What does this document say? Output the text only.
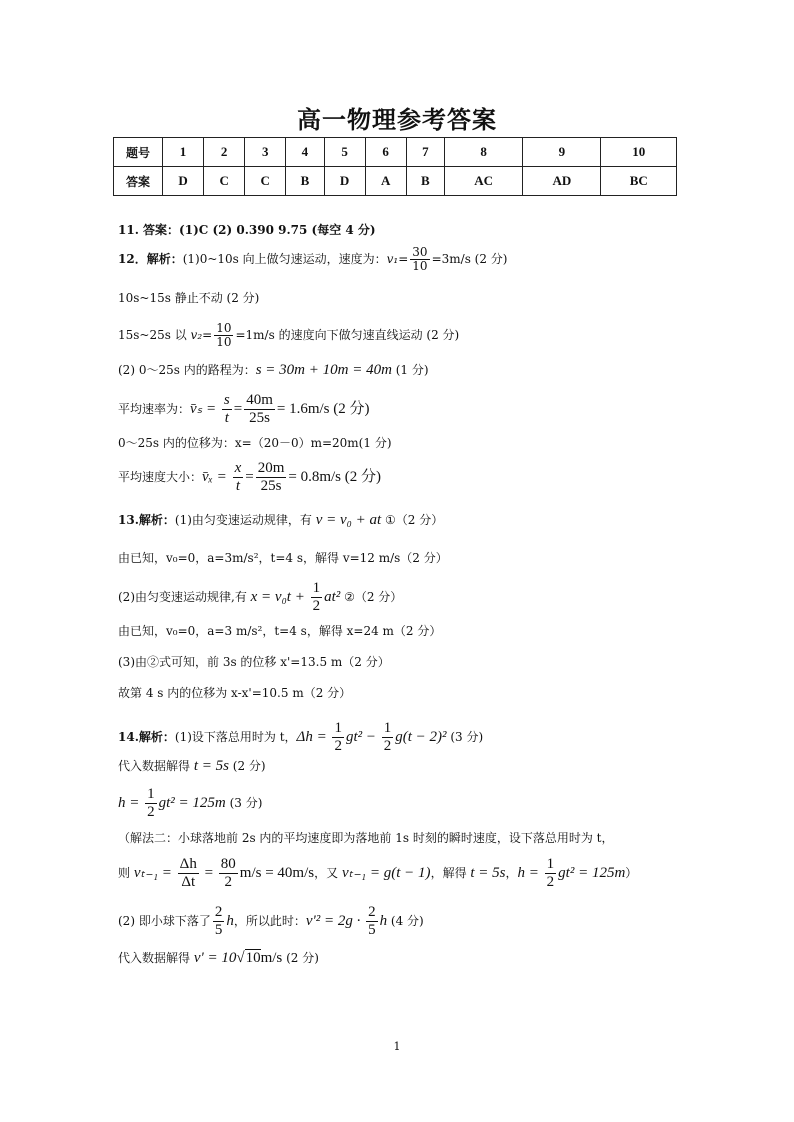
高一物理参考答案
题号	1	2	3	4	5	6	7	8	9	10
答案	D	C	C	B	D	A	B	AC	AD	BC
11. 答案：(1)C (2) 0.390 9.75 (每空 4 分)
12．解析：(1)0~10s 向上做匀速运动，速度为：$v_1= \frac{30}{10} =3m/s$ (2 分)
10s~15s 静止不动 (2 分)
15s~25s 以 $v_2= \frac{10}{10} =1m/s$ 的速度向下做匀速直线运动 (2 分)
(2) 0～25s 内的路程为：s = 30m + 10m = 40m (1 分)
平均速率为：v̄ₛ = $\frac{s}{t} = \frac{40m}{25s} = 1.6m/s$ (2 分)
0～25s 内的位移为：x=（20－0）m=20m(1 分)
平均速度大小：v̄ₓ = $\frac{x}{t} = \frac{20m}{25s} = 0.8m/s$ (2 分)
13.解析：(1)由匀变速运动规律，有 v = v₀ + at ①（2 分）
由已知，v₀=0，a=3m/s²，t=4 s，解得 v=12 m/s（2 分）
(2)由匀变速运动规律,有 $x = v_0t + \frac{1}{2} at^2$ ②（2 分）
由已知，v₀=0，a=3 m/s²，t=4 s，解得 x=24 m（2 分）
(3)由②式可知，前 3s 的位移 x'=13.5 m（2 分）
故第 4 s 内的位移为 x-x'=10.5 m（2 分）
14.解析：(1)设下落总用时为 t，$\Delta h = \frac{1}{2} gt^2 - \frac{1}{2} g(t - 2)^2$ (3 分)
代入数据解得 t = 5s (2 分)
$h = \frac{1}{2} gt^2 = 125m$ (3 分)
（解法二：小球落地前 2s 内的平均速度即为落地前 1s 时刻的瞬时速度，设下落总用时为 t，
则 $v_{t-1} = \frac{\Delta h}{\Delta t} = \frac{80}{2} m/s = 40m/s$，又 vₜ₋₁ = g(t − 1)，解得 t = 5s，$h = \frac{1}{2} gt^2 = 125m$）
(2) 即小球下落了 $\frac{2}{5}$ h，所以此时：$v'^2 = 2g \cdot \frac{2}{5}$ h (4 分)
代入数据解得 v' = 10√10m/s (2 分)
1
